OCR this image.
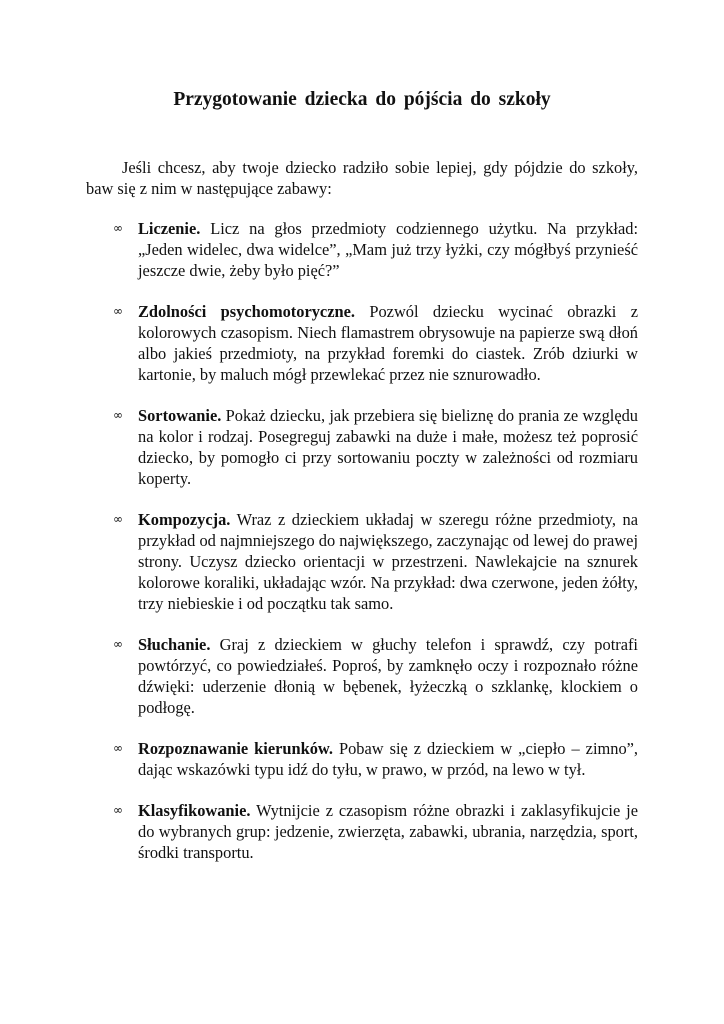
Przygotowanie dziecka do pójścia do szkoły

Jeśli chcesz, aby twoje dziecko radziło sobie lepiej, gdy pójdzie do szkoły, baw się z nim w następujące zabawy:

∞ Liczenie. Licz na głos przedmioty codziennego użytku. Na przykład: „Jeden widelec, dwa widelce”, „Mam już trzy łyżki, czy mógłbyś przynieść jeszcze dwie, żeby było pięć?”
∞ Zdolności psychomotoryczne. Pozwól dziecku wycinać obrazki z kolorowych czasopism. Niech flamastrem obrysowuje na papierze swą dłoń albo jakieś przedmioty, na przykład foremki do ciastek. Zrób dziurki w kartonie, by maluch mógł przewlekać przez nie sznurowadło.
∞ Sortowanie. Pokaż dziecku, jak przebiera się bieliznę do prania ze względu na kolor i rodzaj. Posegreguj zabawki na duże i małe, możesz też poprosić dziecko, by pomogło ci przy sortowaniu poczty w zależności od rozmiaru koperty.
∞ Kompozycja. Wraz z dzieckiem układaj w szeregu różne przedmioty, na przykład od najmniejszego do największego, zaczynając od lewej do prawej strony. Uczysz dziecko orientacji w przestrzeni. Nawlekajcie na sznurek kolorowe koraliki, układając wzór. Na przykład: dwa czerwone, jeden żółty, trzy niebieskie i od początku tak samo.
∞ Słuchanie. Graj z dzieckiem w głuchy telefon i sprawdź, czy potrafi powtórzyć, co powiedziałeś. Poproś, by zamknęło oczy i rozpoznało różne dźwięki: uderzenie dłonią w bębenek, łyżeczką o szklankę, klockiem o podłogę.
∞ Rozpoznawanie kierunków. Pobaw się z dzieckiem w „ciepło – zimno”, dając wskazówki typu idź do tyłu, w prawo, w przód, na lewo w tył.
∞ Klasyfikowanie. Wytnijcie z czasopism różne obrazki i zaklasyfikujcie je do wybranych grup: jedzenie, zwierzęta, zabawki, ubrania, narzędzia, sport, środki transportu.
